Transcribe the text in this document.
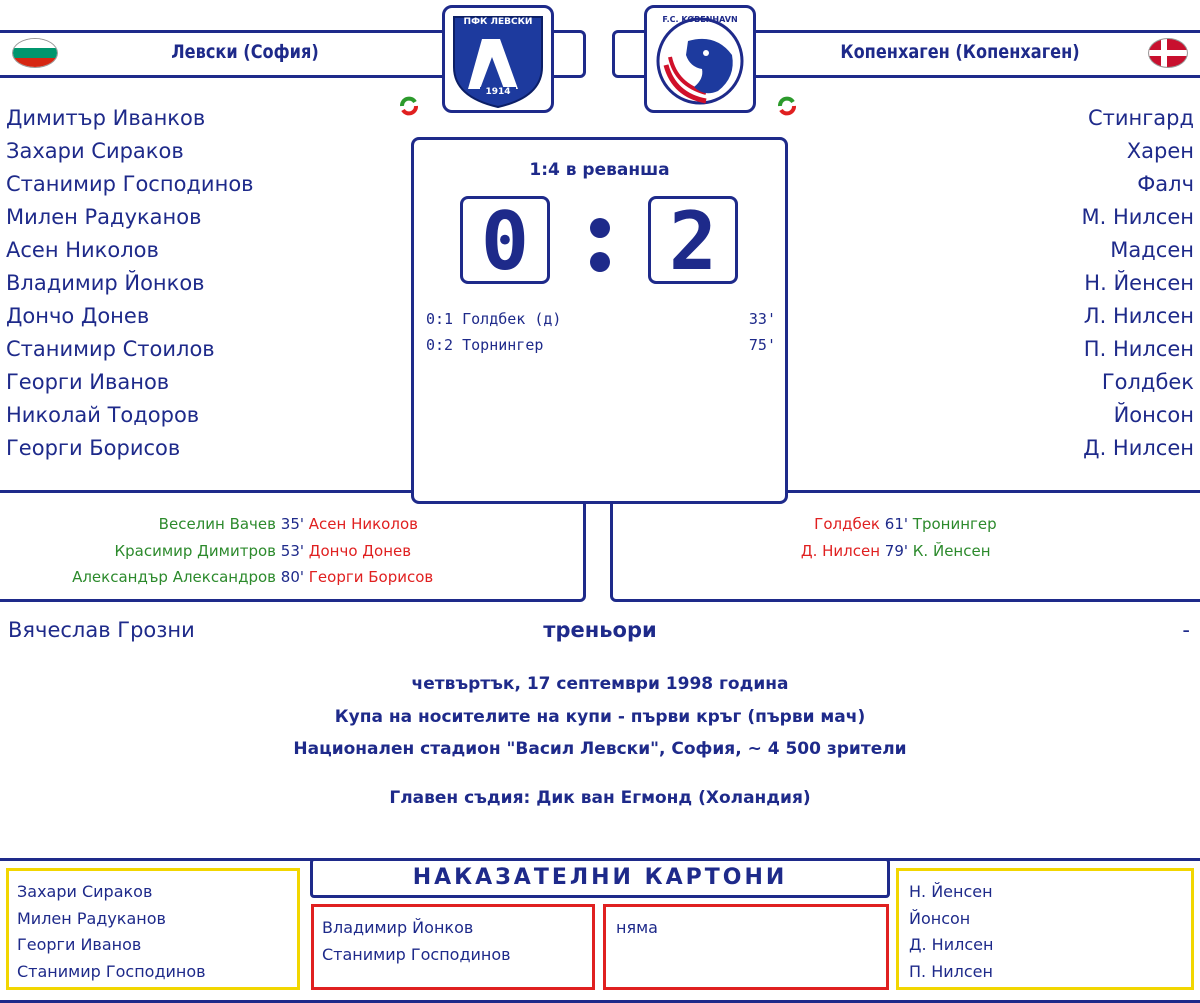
Левски (София)	Копенхаген (Копенхаген)
ПФК ЛЕВСКИ
1914
F.C. KØBENHAVN
Димитър Иванков
Захари Сираков
Станимир Господинов
Милен Радуканов
Асен Николов
Владимир Йонков
Дончо Донев
Станимир Стоилов
Георги Иванов
Николай Тодоров
Георги Борисов
Стингард
Харен
Фалч
М. Нилсен
Мадсен
Н. Йенсен
Л. Нилсен
П. Нилсен
Голдбек
Йонсон
Д. Нилсен
Веселин Вачев 35' Асен Николов
Красимир Димитров 53' Дончо Донев
Александър Александров 80' Георги Борисов
Голдбек 61' Тронингер
Д. Нилсен 79' К. Йенсен
1:4 в реванша
0 2
0:1 Голдбек (д)	33'
0:2 Торнингер	75'
Вячеслав Грозни	треньори	-
четвъртък, 17 септември 1998 година
Купа на носителите на купи - първи кръг (първи мач)
Национален стадион "Васил Левски", София, ~ 4 500 зрители
Главен съдия: Дик ван Егмонд (Холандия)
НАКАЗАТЕЛНИ КАРТОНИ
Захари Сираков
Милен Радуканов
Георги Иванов
Станимир Господинов
Владимир Йонков
Станимир Господинов
няма
Н. Йенсен
Йонсон
Д. Нилсен
П. Нилсен
